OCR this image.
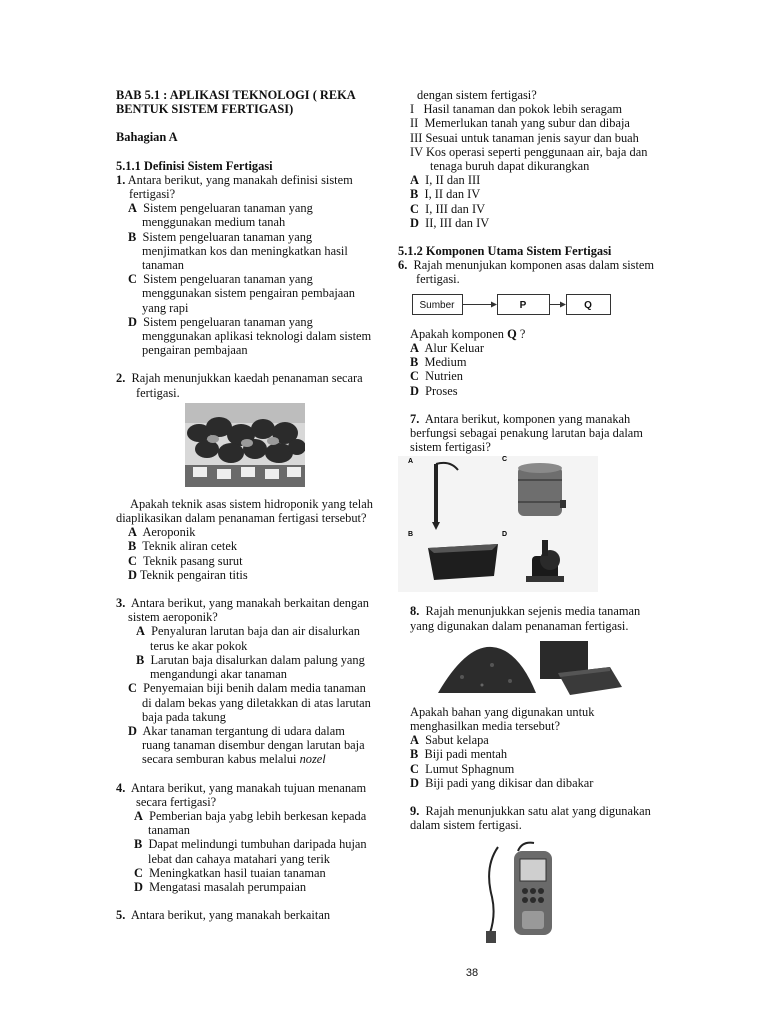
BAB 5.1 : APLIKASI TEKNOLOGI ( REKA
BENTUK SISTEM FERTIGASI)

Bahagian A

5.1.1 Definisi Sistem Fertigasi

1. Antara berikut, yang manakah definisi sistem fertigasi?

A Sistem pengeluaran tanaman yang menggunakan medium tanah

B Sistem pengeluaran tanaman yang menjimatkan kos dan meningkatkan hasil tanaman

C Sistem pengeluaran tanaman yang menggunakan sistem pengairan pembajaan yang rapi

D Sistem pengeluaran tanaman yang menggunakan aplikasi teknologi dalam sistem pengairan pembajaan

2. Rajah menunjukkan kaedah penanaman secara fertigasi.

Apakah teknik asas sistem hidroponik yang telah diaplikasikan dalam penanaman fertigasi tersebut?

A Aeroponik

B Teknik aliran cetek

C Teknik pasang surut

D Teknik pengairan titis

3. Antara berikut, yang manakah berkaitan dengan sistem aeroponik?

A Penyaluran larutan baja dan air disalurkan terus ke akar pokok

B Larutan baja disalurkan dalam palung yang mengandungi akar tanaman

C Penyemaian biji benih dalam media tanaman di dalam bekas yang diletakkan di atas larutan baja pada takung

D Akar tanaman tergantung di udara dalam ruang tanaman disembur dengan larutan baja secara semburan kabus melalui nozel

4. Antara berikut, yang manakah tujuan menanam secara fertigasi?

A Pemberian baja yabg lebih berkesan kepada tanaman

B Dapat melindungi tumbuhan daripada hujan lebat dan cahaya matahari yang terik

C Meningkatkan hasil tuaian tanaman

D Mengatasi masalah perumpaian

5. Antara berikut, yang manakah berkaitan

dengan sistem fertigasi?

I Hasil tanaman dan pokok lebih seragam

II Memerlukan tanah yang subur dan dibaja

III Sesuai untuk tanaman jenis sayur dan buah

IV Kos operasi seperti penggunaan air, baja dan tenaga buruh dapat dikurangkan

A I, II dan III

B I, II dan IV

C I, III dan IV

D II, III dan IV

5.1.2 Komponen Utama Sistem Fertigasi

6. Rajah menunjukan komponen asas dalam sistem fertigasi.

Sumber	P	Q

Apakah komponen Q ?

A Alur Keluar

B Medium

C Nutrien

D Proses

7. Antara berikut, komponen yang manakah berfungsi sebagai penakung larutan baja dalam sistem fertigasi?

A	C
B	D

8. Rajah menunjukkan sejenis media tanaman yang digunakan dalam penanaman fertigasi.

Apakah bahan yang digunakan untuk menghasilkan media tersebut?

A Sabut kelapa

B Biji padi mentah

C Lumut Sphagnum

D Biji padi yang dikisar dan dibakar

9. Rajah menunjukkan satu alat yang digunakan dalam sistem fertigasi.

38
